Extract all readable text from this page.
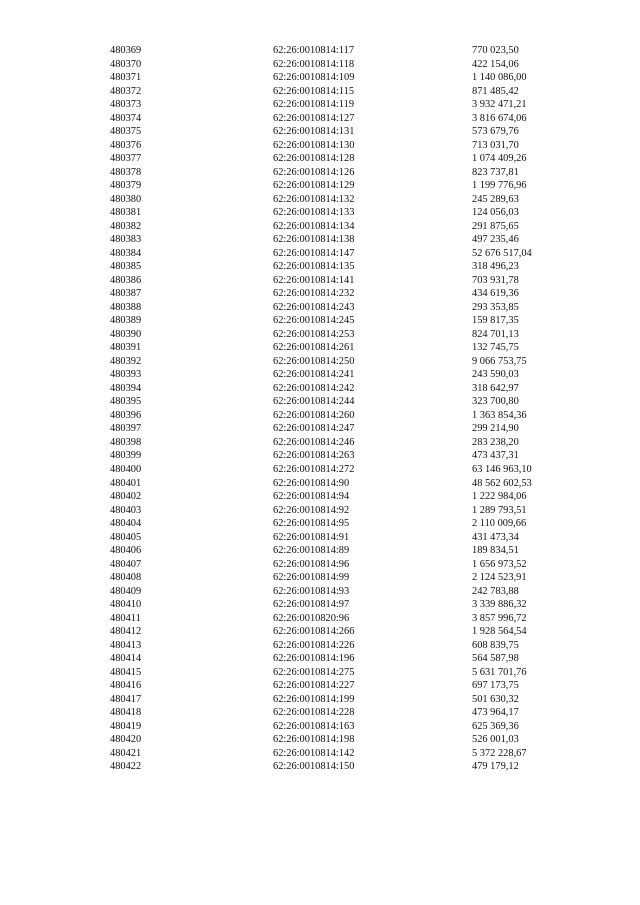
480369	62:26:0010814:117	770 023,50
480370	62:26:0010814:118	422 154,06
480371	62:26:0010814:109	1 140 086,00
480372	62:26:0010814:115	871 485,42
480373	62:26:0010814:119	3 932 471,21
480374	62:26:0010814:127	3 816 674,06
480375	62:26:0010814:131	573 679,76
480376	62:26:0010814:130	713 031,70
480377	62:26:0010814:128	1 074 409,26
480378	62:26:0010814:126	823 737,81
480379	62:26:0010814:129	1 199 776,96
480380	62:26:0010814:132	245 289,63
480381	62:26:0010814:133	124 056,03
480382	62:26:0010814:134	291 875,65
480383	62:26:0010814:138	497 235,46
480384	62:26:0010814:147	52 676 517,04
480385	62:26:0010814:135	318 496,23
480386	62:26:0010814:141	703 931,78
480387	62:26:0010814:232	434 619,36
480388	62:26:0010814:243	293 353,85
480389	62:26:0010814:245	159 817,35
480390	62:26:0010814:253	824 701,13
480391	62:26:0010814:261	132 745,75
480392	62:26:0010814:250	9 066 753,75
480393	62:26:0010814:241	243 590,03
480394	62:26:0010814:242	318 642,97
480395	62:26:0010814:244	323 700,80
480396	62:26:0010814:260	1 363 854,36
480397	62:26:0010814:247	299 214,90
480398	62:26:0010814:246	283 238,20
480399	62:26:0010814:263	473 437,31
480400	62:26:0010814:272	63 146 963,10
480401	62:26:0010814:90	48 562 602,53
480402	62:26:0010814:94	1 222 984,06
480403	62:26:0010814:92	1 289 793,51
480404	62:26:0010814:95	2 110 009,66
480405	62:26:0010814:91	431 473,34
480406	62:26:0010814:89	189 834,51
480407	62:26:0010814:96	1 656 973,52
480408	62:26:0010814:99	2 124 523,91
480409	62:26:0010814:93	242 783,88
480410	62:26:0010814:97	3 339 886,32
480411	62:26:0010820:96	3 857 996,72
480412	62:26:0010814:266	1 928 564,54
480413	62:26:0010814:226	608 839,75
480414	62:26:0010814:196	564 587,98
480415	62:26:0010814:275	5 631 701,76
480416	62:26:0010814:227	697 173,75
480417	62:26:0010814:199	501 630,32
480418	62:26:0010814:228	473 964,17
480419	62:26:0010814:163	625 369,36
480420	62:26:0010814:198	526 001,03
480421	62:26:0010814:142	5 372 228,67
480422	62:26:0010814:150	479 179,12
